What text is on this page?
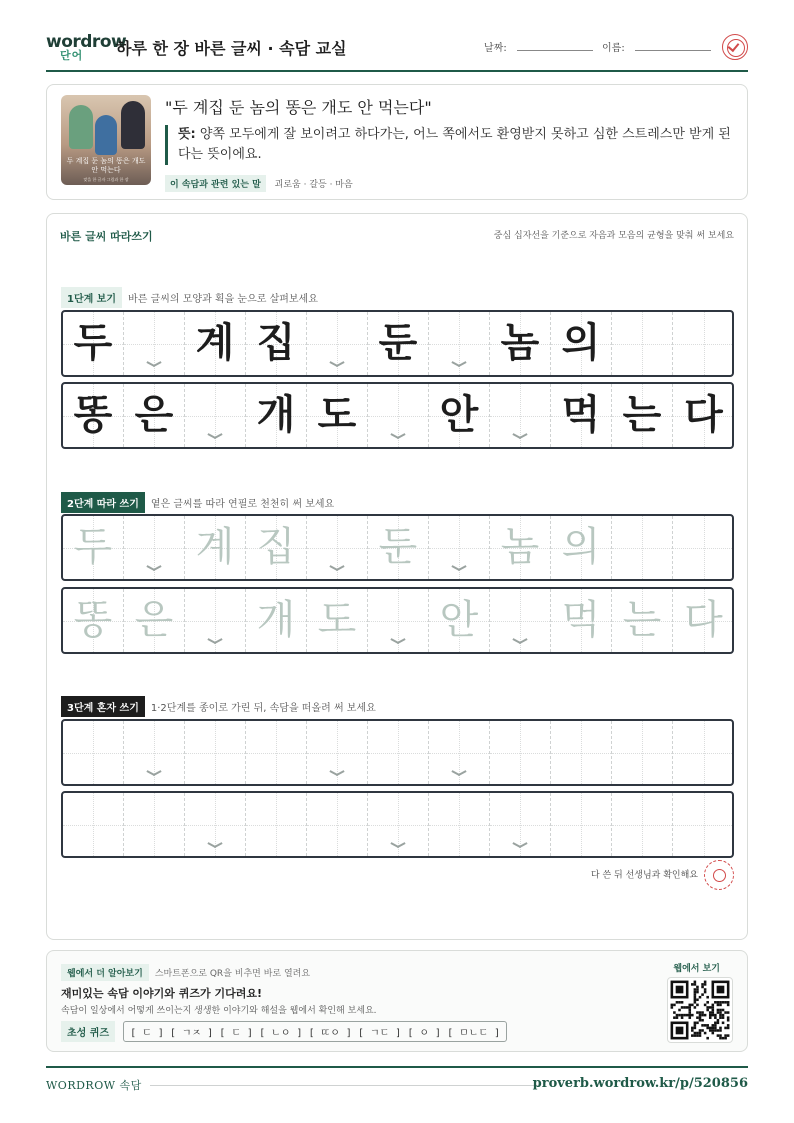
wordrow
단어 하루 한 장 바른 글씨 · 속담 교실	날짜:	이름:
두 계집 둔 놈의 똥은 개도 안 먹는다
맞을 한 글자 그림과 한 장
"두 계집 둔 놈의 똥은 개도 안 먹는다"
뜻: 양쪽 모두에게 잘 보이려고 하다가는, 어느 쪽에서도 환영받지 못하고 심한 스트레스만 받게 된다는 뜻이에요.
이 속담과 관련 있는 말 괴로움 · 갈등 · 마음
바른 글씨 따라쓰기	중심 십자선을 기준으로 자음과 모음의 균형을 맞춰 써 보세요
1단계 보기 바른 글씨의 모양과 획을 눈으로 살펴보세요
두 계 집 둔 놈 의
똥 은 개 도 안 먹 는 다
2단계 따라 쓰기 옅은 글씨를 따라 연필로 천천히 써 보세요
두 계 집 둔 놈 의
똥 은 개 도 안 먹 는 다
3단계 혼자 쓰기 1·2단계를 종이로 가린 뒤, 속담을 떠올려 써 보세요
다 쓴 뒤 선생님과 확인해요
웹에서 더 알아보기 스마트폰으로 QR을 비추면 바로 열려요
재미있는 속담 이야기와 퀴즈가 기다려요!
속담이 일상에서 어떻게 쓰이는지 생생한 이야기와 해설을 웹에서 확인해 보세요.
초성 퀴즈 [ ㄷ ] [ ㄱㅈ ] [ ㄷ ] [ ㄴㅇ ] [ ㄸㅇ ] [ ㄱㄷ ] [ ㅇ ] [ ㅁㄴㄷ ]
웹에서 보기
WORDROW 속담	proverb.wordrow.kr/p/520856
